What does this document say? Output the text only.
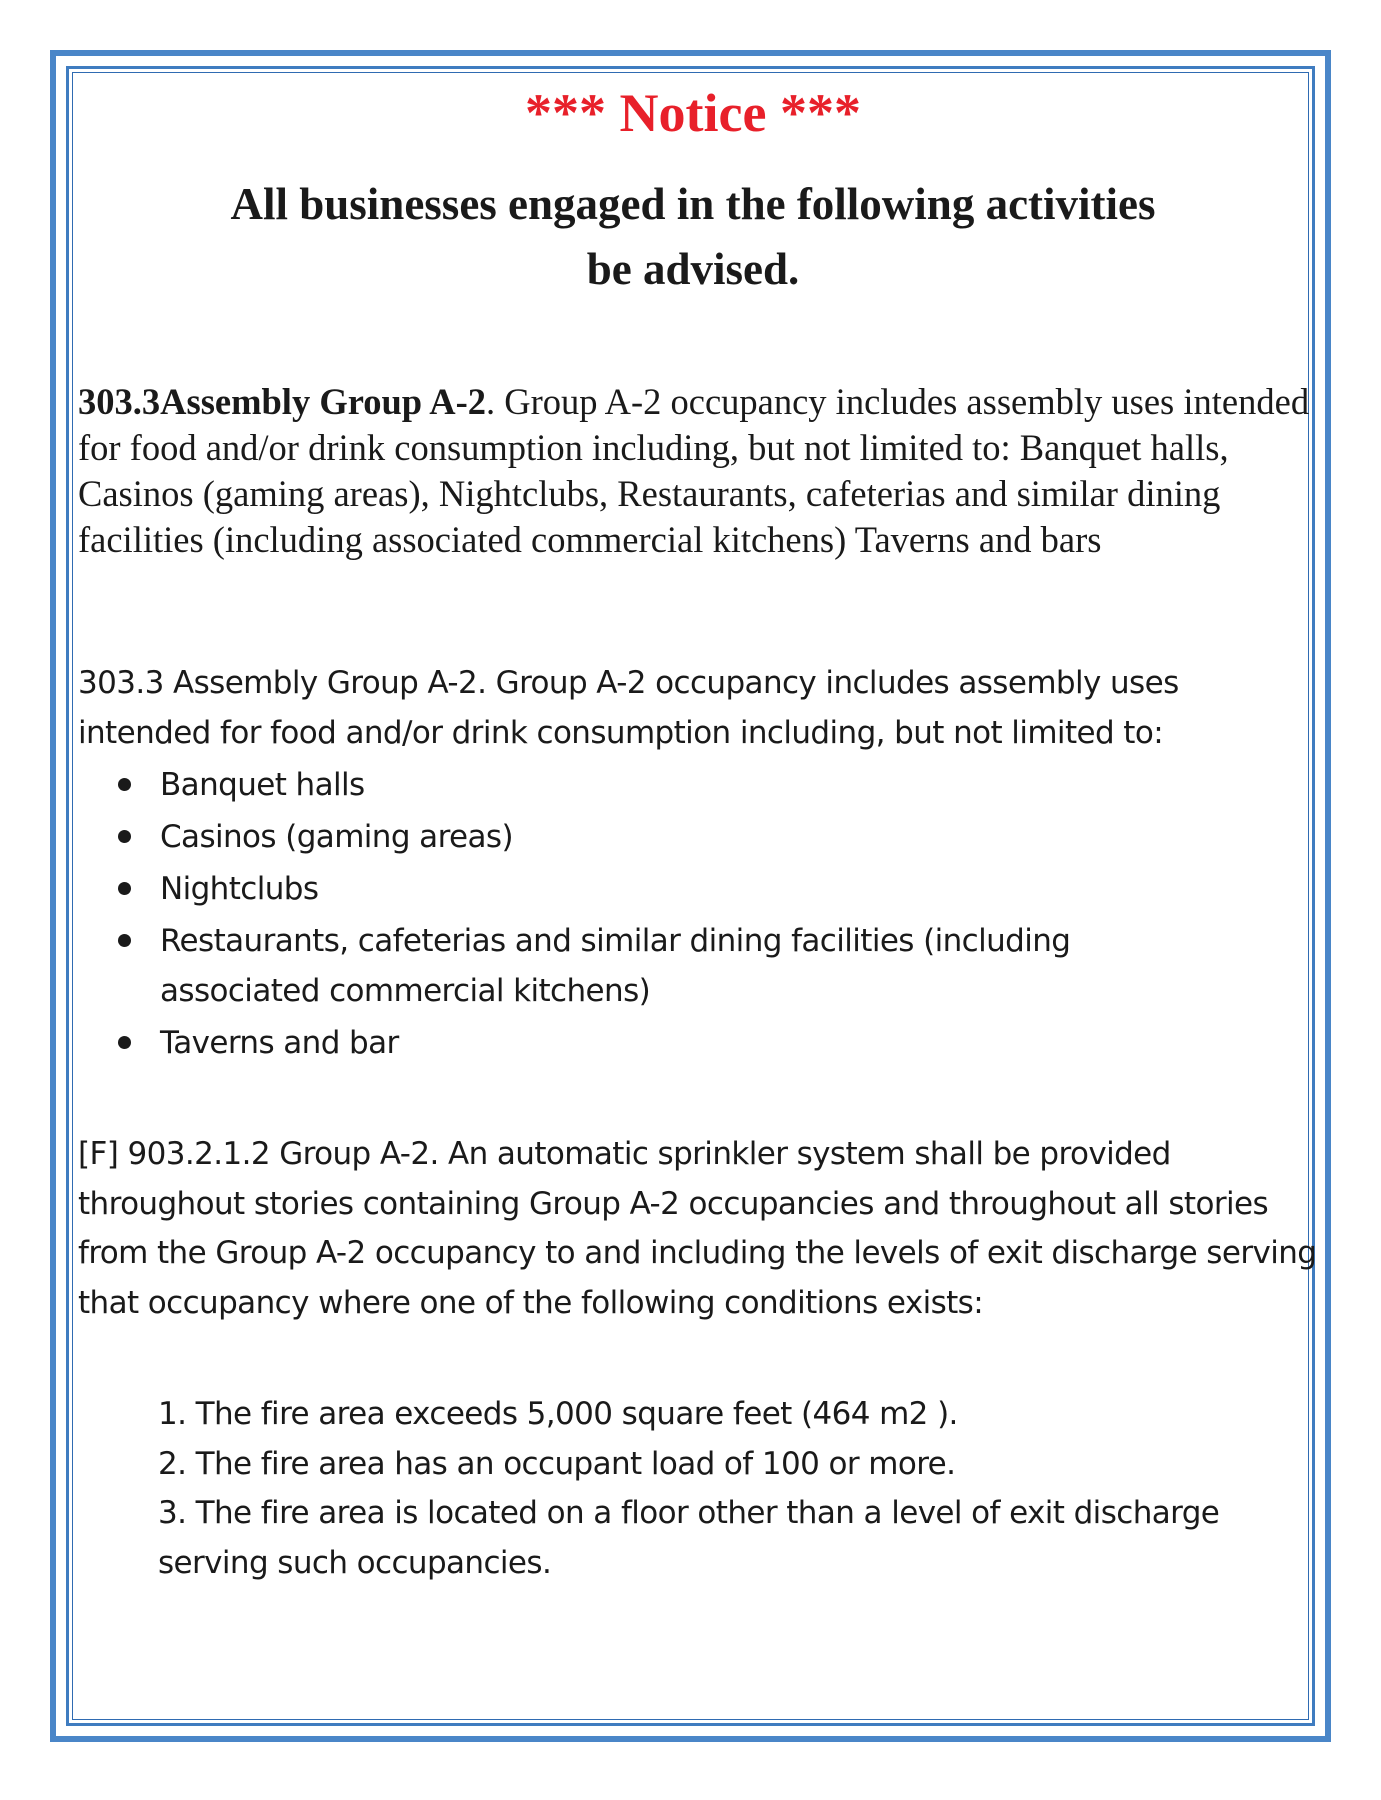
*** Notice ***
All businesses engaged in the following activities
be advised.

303.3Assembly Group A-2. Group A-2 occupancy includes assembly uses intended for food and/or drink consumption including, but not limited to: Banquet halls, Casinos (gaming areas), Nightclubs, Restaurants, cafeterias and similar dining facilities (including associated commercial kitchens) Taverns and bars

303.3 Assembly Group A-2. Group A-2 occupancy includes assembly uses intended for food and/or drink consumption including, but not limited to:

Banquet halls
Casinos (gaming areas)
Nightclubs
Restaurants, cafeterias and similar dining facilities (including associated commercial kitchens)
Taverns and bar

[F] 903.2.1.2 Group A-2. An automatic sprinkler system shall be provided throughout stories containing Group A-2 occupancies and throughout all stories from the Group A-2 occupancy to and including the levels of exit discharge serving that occupancy where one of the following conditions exists:

1. The fire area exceeds 5,000 square feet (464 m2 ).
2. The fire area has an occupant load of 100 or more.
3. The fire area is located on a floor other than a level of exit discharge serving such occupancies.
